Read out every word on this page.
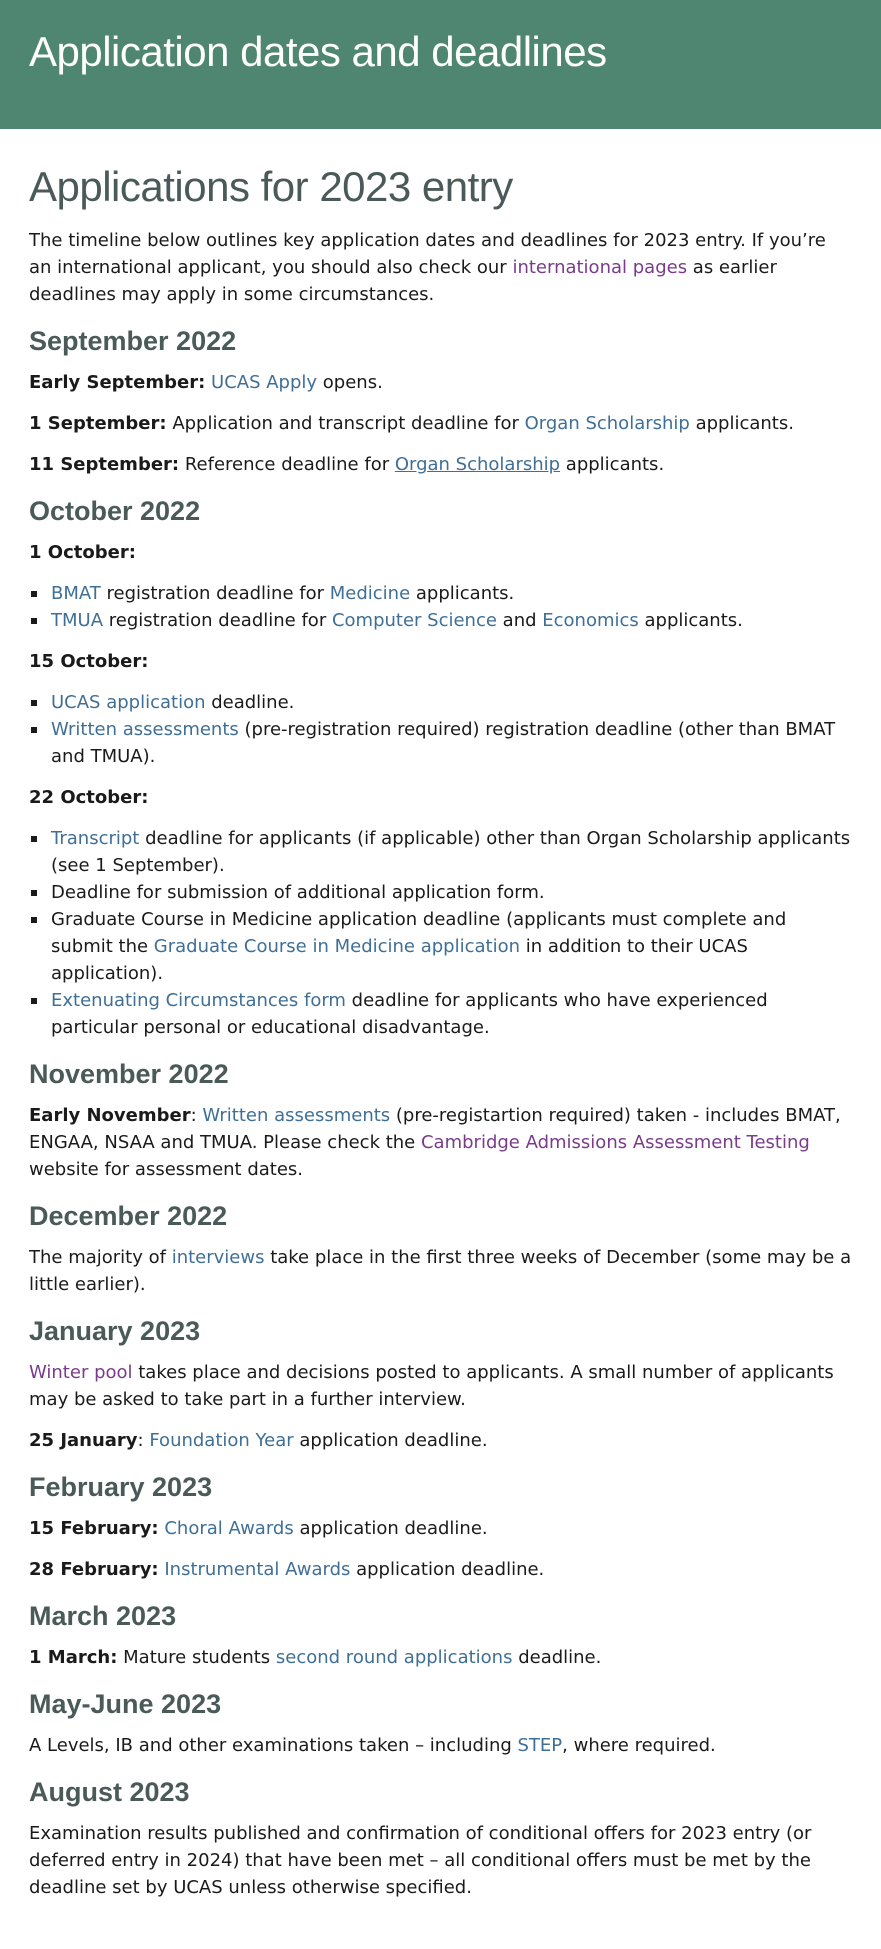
Application dates and deadlines
Applications for 2023 entry

The timeline below outlines key application dates and deadlines for 2023 entry. If you’re an international applicant, you should also check our international pages as earlier deadlines may apply in some circumstances.

September 2022

Early September: UCAS Apply opens.

1 September: Application and transcript deadline for Organ Scholarship applicants.

11 September: Reference deadline for Organ Scholarship applicants.

October 2022

1 October:

BMAT registration deadline for Medicine applicants.
TMUA registration deadline for Computer Science and Economics applicants.

15 October:

UCAS application deadline.
Written assessments (pre-registration required) registration deadline (other than BMAT and TMUA).

22 October:

Transcript deadline for applicants (if applicable) other than Organ Scholarship applicants (see 1 September).
Deadline for submission of additional application form.
Graduate Course in Medicine application deadline (applicants must complete and submit the Graduate Course in Medicine application in addition to their UCAS application).
Extenuating Circumstances form deadline for applicants who have experienced particular personal or educational disadvantage.
November 2022

Early November: Written assessments (pre-registartion required) taken - includes BMAT, ENGAA, NSAA and TMUA. Please check the Cambridge Admissions Assessment Testing website for assessment dates.

December 2022

The majority of interviews take place in the first three weeks of December (some may be a little earlier).

January 2023

Winter pool takes place and decisions posted to applicants. A small number of applicants may be asked to take part in a further interview.

25 January: Foundation Year application deadline.

February 2023

15 February: Choral Awards application deadline.

28 February: Instrumental Awards application deadline.

March 2023

1 March: Mature students second round applications deadline.

May-June 2023

A Levels, IB and other examinations taken – including STEP, where required.

August 2023

Examination results published and confirmation of conditional offers for 2023 entry (or deferred entry in 2024) that have been met – all conditional offers must be met by the deadline set by UCAS unless otherwise specified.
